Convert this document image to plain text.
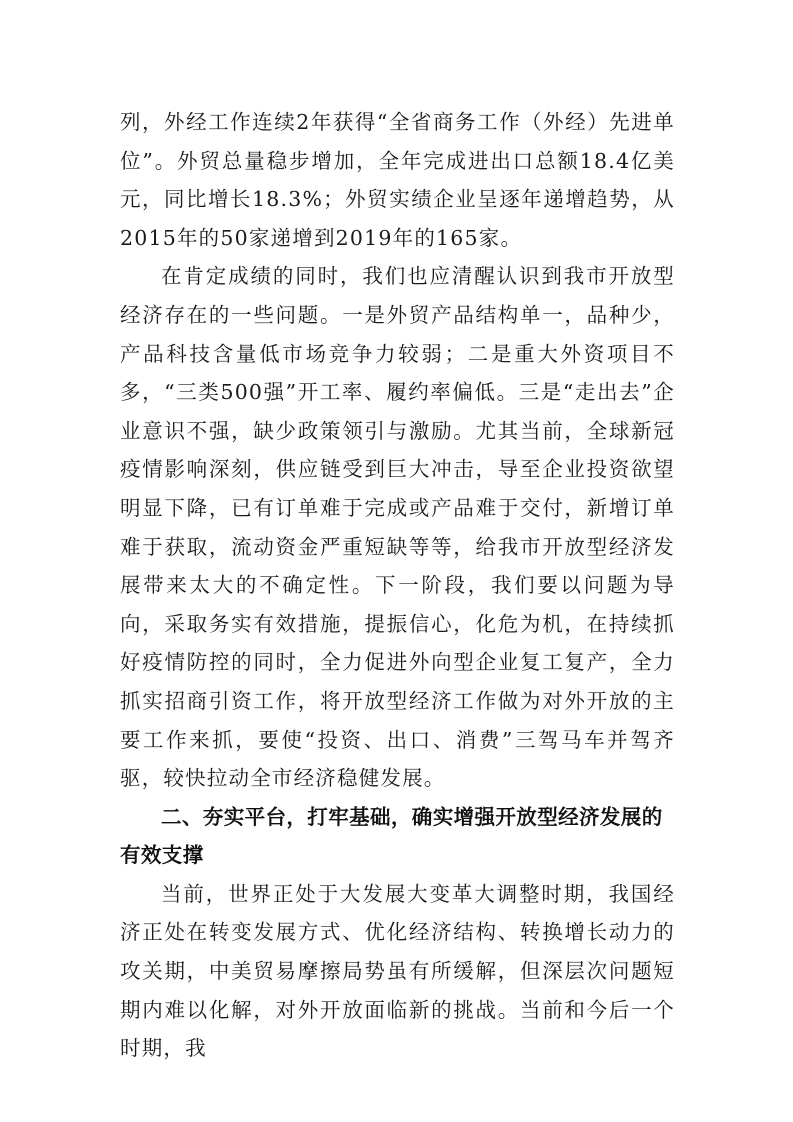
列，外经工作连续2年获得“全省商务工作（外经）先进单位”。外贸总量稳步增加，全年完成进出口总额18.4亿美元，同比增长18.3%；外贸实绩企业呈逐年递增趋势，从2015年的50家递增到2019年的165家。

在肯定成绩的同时，我们也应清醒认识到我市开放型经济存在的一些问题。一是外贸产品结构单一，品种少，产品科技含量低市场竞争力较弱；二是重大外资项目不多，“三类500强”开工率、履约率偏低。三是“走出去”企业意识不强，缺少政策领引与激励。尤其当前，全球新冠疫情影响深刻，供应链受到巨大冲击，导至企业投资欲望明显下降，已有订单难于完成或产品难于交付，新增订单难于获取，流动资金严重短缺等等，给我市开放型经济发展带来太大的不确定性。下一阶段，我们要以问题为导向，采取务实有效措施，提振信心，化危为机，在持续抓好疫情防控的同时，全力促进外向型企业复工复产，全力抓实招商引资工作，将开放型经济工作做为对外开放的主要工作来抓，要使“投资、出口、消费”三驾马车并驾齐驱，较快拉动全市经济稳健发展。

二、夯实平台，打牢基础，确实增强开放型经济发展的有效支撑

当前，世界正处于大发展大变革大调整时期，我国经济正处在转变发展方式、优化经济结构、转换增长动力的攻关期，中美贸易摩擦局势虽有所缓解，但深层次问题短期内难以化解，对外开放面临新的挑战。当前和今后一个时期，我
